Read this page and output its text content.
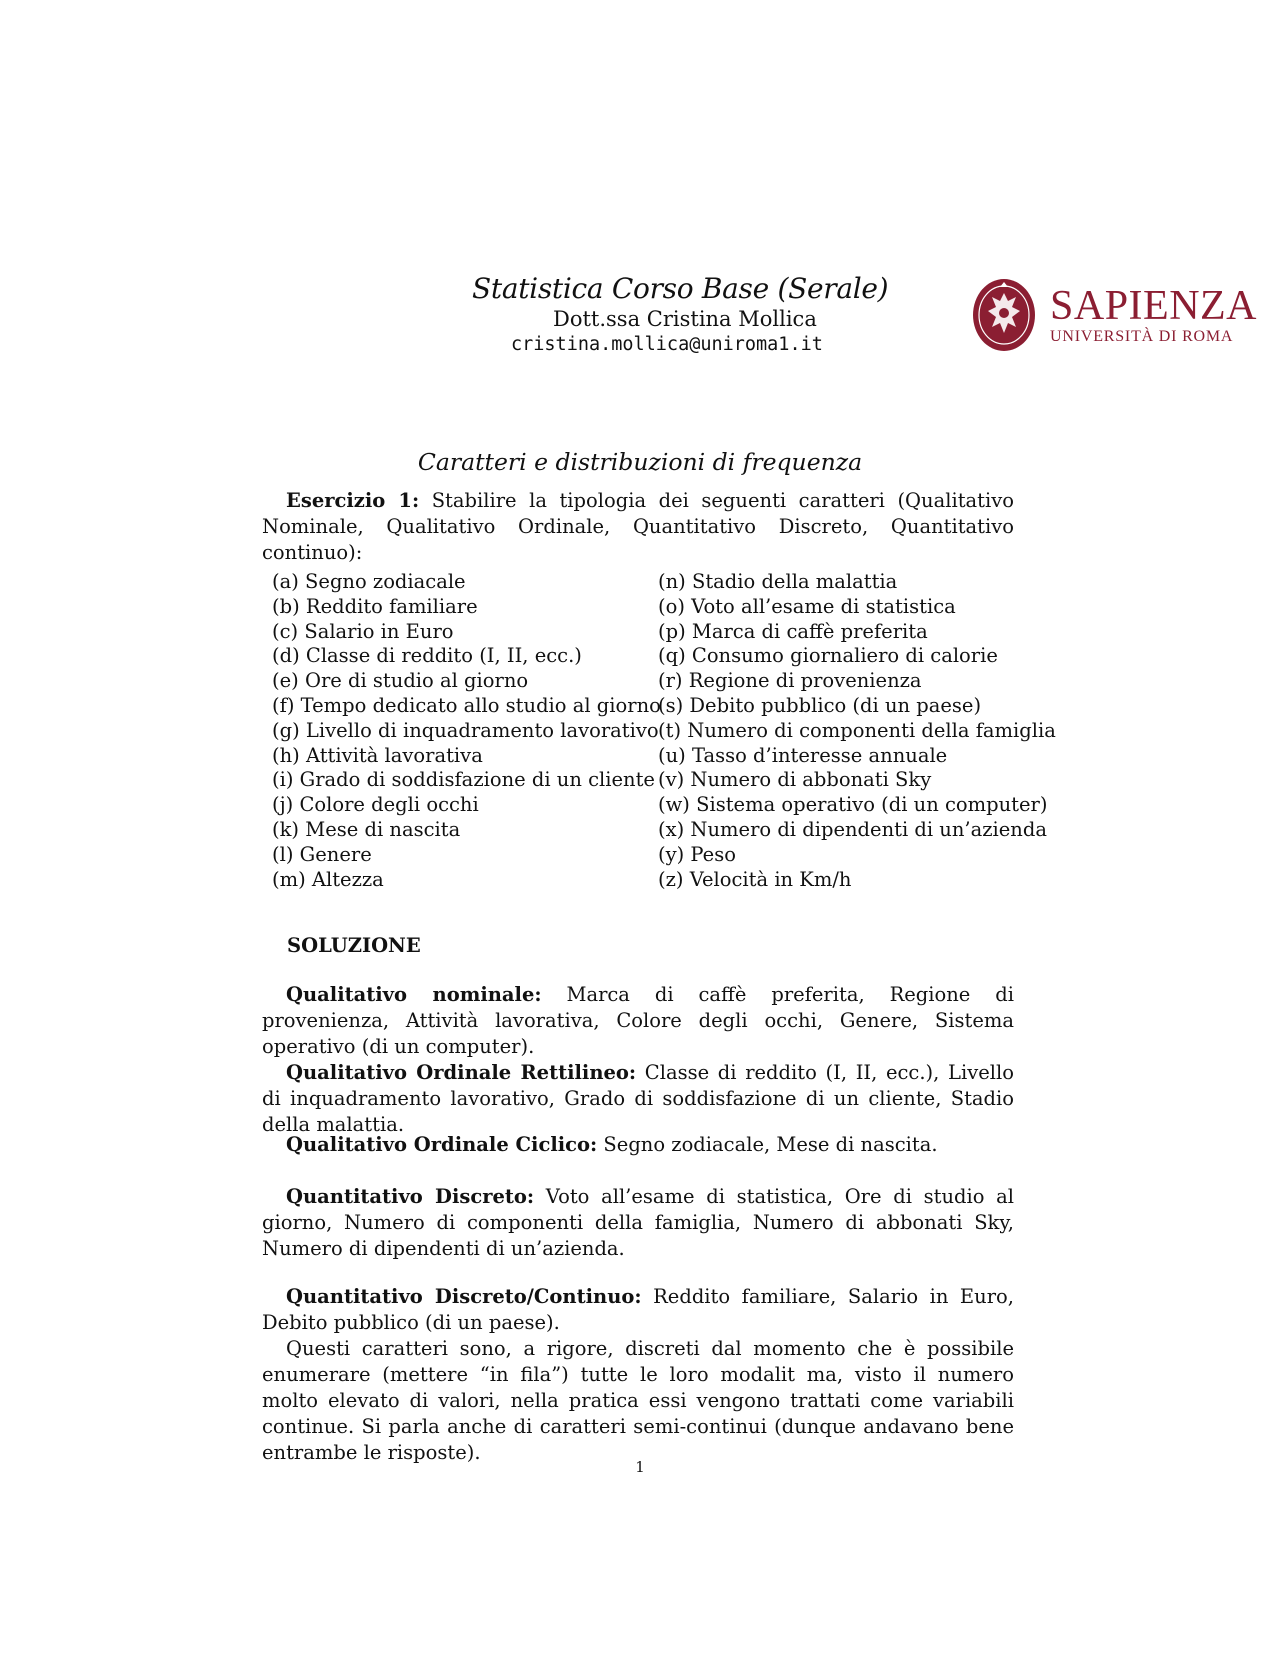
Statistica Corso Base (Serale)
Dott.ssa Cristina Mollica
cristina.mollica@uniroma1.it
SAPIENZA
UNIVERSITÀ DI ROMA
Caratteri e distribuzioni di frequenza

Esercizio 1: Stabilire la tipologia dei seguenti caratteri (Qualitativo Nominale, Qualitativo Ordinale, Quantitativo Discreto, Quantitativo continuo):

(a) Segno zodiacale
(b) Reddito familiare
(c) Salario in Euro
(d) Classe di reddito (I, II, ecc.)
(e) Ore di studio al giorno
(f) Tempo dedicato allo studio al giorno
(g) Livello di inquadramento lavorativo
(h) Attività lavorativa
(i) Grado di soddisfazione di un cliente
(j) Colore degli occhi
(k) Mese di nascita
(l) Genere
(m) Altezza
(n) Stadio della malattia
(o) Voto all’esame di statistica
(p) Marca di caffè preferita
(q) Consumo giornaliero di calorie
(r) Regione di provenienza
(s) Debito pubblico (di un paese)
(t) Numero di componenti della famiglia
(u) Tasso d’interesse annuale
(v) Numero di abbonati Sky
(w) Sistema operativo (di un computer)
(x) Numero di dipendenti di un’azienda
(y) Peso
(z) Velocità in Km/h
SOLUZIONE

Qualitativo nominale: Marca di caffè preferita, Regione di provenienza, Attività lavorativa, Colore degli occhi, Genere, Sistema operativo (di un computer).

Qualitativo Ordinale Rettilineo: Classe di reddito (I, II, ecc.), Livello di inquadramento lavorativo, Grado di soddisfazione di un cliente, Stadio della malattia.

Qualitativo Ordinale Ciclico: Segno zodiacale, Mese di nascita.

Quantitativo Discreto: Voto all’esame di statistica, Ore di studio al giorno, Numero di componenti della famiglia, Numero di abbonati Sky, Numero di dipendenti di un’azienda.

Quantitativo Discreto/Continuo: Reddito familiare, Salario in Euro, Debito pubblico (di un paese).

Questi caratteri sono, a rigore, discreti dal momento che è possibile enumerare (mettere “in fila”) tutte le loro modalit ma, visto il numero molto elevato di valori, nella pratica essi vengono trattati come variabili continue. Si parla anche di caratteri semi-continui (dunque andavano bene entrambe le risposte).

1
